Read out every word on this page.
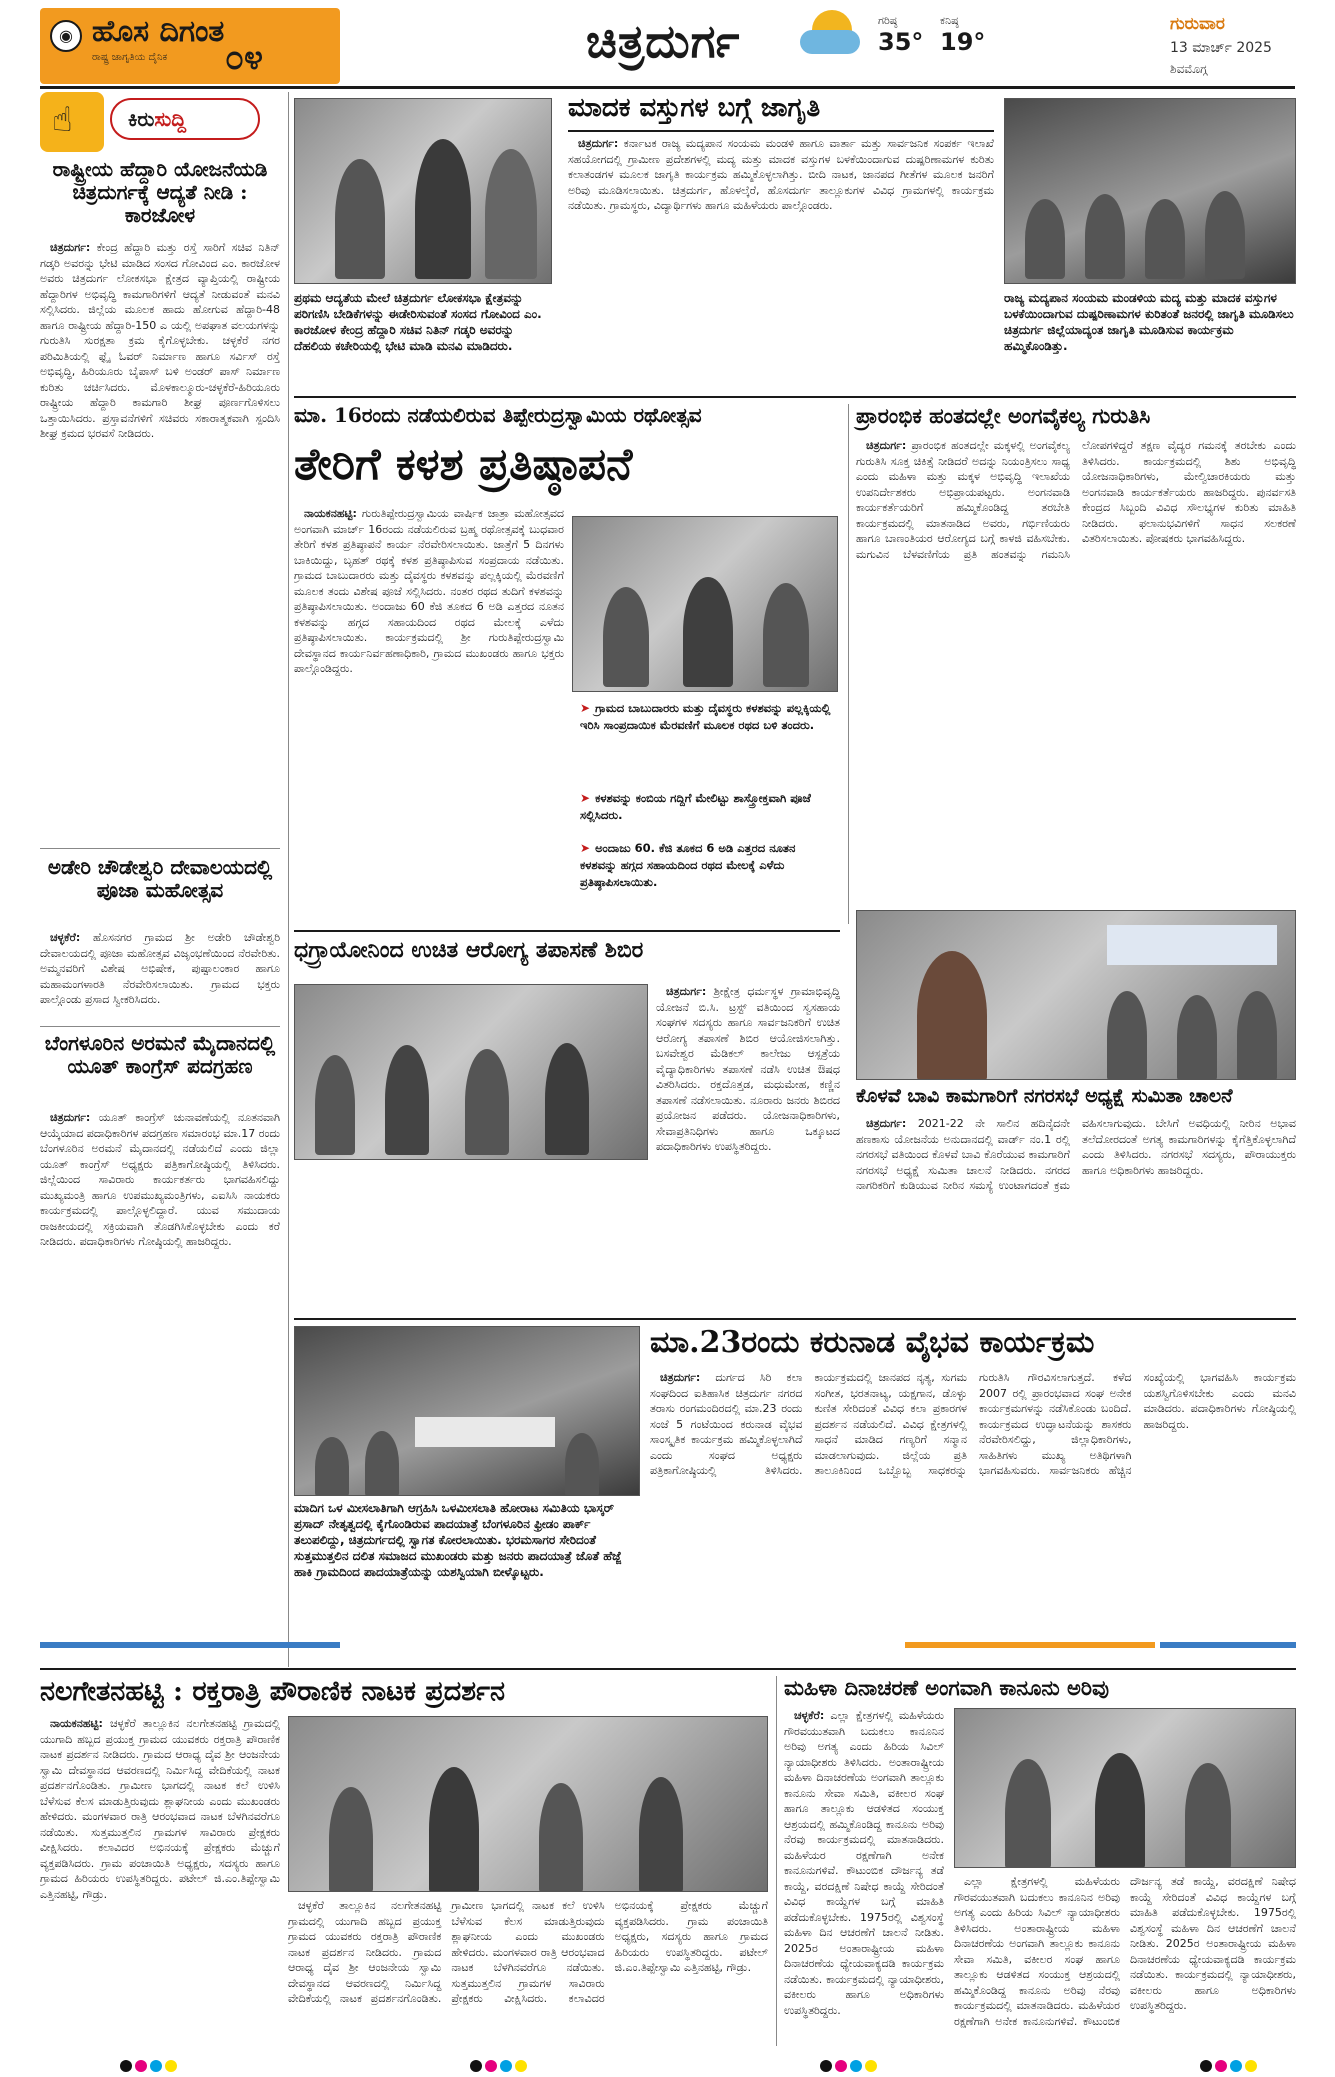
◉ ಹೊಸ ದಿಗಂತ
ರಾಷ್ಟ್ರ ಜಾಗೃತಿಯ ದೈನಿಕ ೦೪	ಚಿತ್ರದುರ್ಗ	ಗರಿಷ್ಠ
35°
ಕನಿಷ್ಠ
19°
ಗುರುವಾರ
13 ಮಾರ್ಚ್ 2025
ಶಿವಮೊಗ್ಗ
☝	ಕಿರುಸುದ್ದಿ
ರಾಷ್ಟ್ರೀಯ ಹೆದ್ದಾರಿ ಯೋಜನೆಯಡಿ ಚಿತ್ರದುರ್ಗಕ್ಕೆ ಆದ್ಯತೆ ನೀಡಿ : ಕಾರಜೋಳ

ಚಿತ್ರದುರ್ಗ: ಕೇಂದ್ರ ಹೆದ್ದಾರಿ ಮತ್ತು ರಸ್ತೆ ಸಾರಿಗೆ ಸಚಿವ ನಿತಿನ್ ಗಡ್ಕರಿ ಅವರನ್ನು ಭೇಟಿ ಮಾಡಿದ ಸಂಸದ ಗೋವಿಂದ ಎಂ. ಕಾರಜೋಳ ಅವರು ಚಿತ್ರದುರ್ಗ ಲೋಕಸಭಾ ಕ್ಷೇತ್ರದ ವ್ಯಾಪ್ತಿಯಲ್ಲಿ ರಾಷ್ಟ್ರೀಯ ಹೆದ್ದಾರಿಗಳ ಅಭಿವೃದ್ಧಿ ಕಾಮಗಾರಿಗಳಿಗೆ ಆದ್ಯತೆ ನೀಡುವಂತೆ ಮನವಿ ಸಲ್ಲಿಸಿದರು. ಜಿಲ್ಲೆಯ ಮೂಲಕ ಹಾದು ಹೋಗುವ ಹೆದ್ದಾರಿ-48 ಹಾಗೂ ರಾಷ್ಟ್ರೀಯ ಹೆದ್ದಾರಿ-150 ಎ ಯಲ್ಲಿ ಅಪಘಾತ ವಲಯಗಳನ್ನು ಗುರುತಿಸಿ ಸುರಕ್ಷತಾ ಕ್ರಮ ಕೈಗೊಳ್ಳಬೇಕು. ಚಳ್ಳಕೆರೆ ನಗರ ಪರಿಮಿತಿಯಲ್ಲಿ ಫ್ಲೈ ಓವರ್ ನಿರ್ಮಾಣ ಹಾಗೂ ಸರ್ವಿಸ್ ರಸ್ತೆ ಅಭಿವೃದ್ಧಿ, ಹಿರಿಯೂರು ಬೈಪಾಸ್ ಬಳಿ ಅಂಡರ್ ಪಾಸ್ ನಿರ್ಮಾಣ ಕುರಿತು ಚರ್ಚಿಸಿದರು. ಮೊಳಕಾಲ್ಮೂರು-ಚಳ್ಳಕೆರೆ-ಹಿರಿಯೂರು ರಾಷ್ಟ್ರೀಯ ಹೆದ್ದಾರಿ ಕಾಮಗಾರಿ ಶೀಘ್ರ ಪೂರ್ಣಗೊಳಿಸಲು ಒತ್ತಾಯಿಸಿದರು. ಪ್ರಸ್ತಾವನೆಗಳಿಗೆ ಸಚಿವರು ಸಕಾರಾತ್ಮಕವಾಗಿ ಸ್ಪಂದಿಸಿ ಶೀಘ್ರ ಕ್ರಮದ ಭರವಸೆ ನೀಡಿದರು.

ಅಡೇರಿ ಚೌಡೇಶ್ವರಿ ದೇವಾಲಯದಲ್ಲಿ ಪೂಜಾ ಮಹೋತ್ಸವ

ಚಳ್ಳಕೆರೆ: ಹೊಸನಗರ ಗ್ರಾಮದ ಶ್ರೀ ಅಡೇರಿ ಚೌಡೇಶ್ವರಿ ದೇವಾಲಯದಲ್ಲಿ ಪೂಜಾ ಮಹೋತ್ಸವ ವಿಜೃಂಭಣೆಯಿಂದ ನೆರವೇರಿತು. ಅಮ್ಮನವರಿಗೆ ವಿಶೇಷ ಅಭಿಷೇಕ, ಪುಷ್ಪಾಲಂಕಾರ ಹಾಗೂ ಮಹಾಮಂಗಳಾರತಿ ನೆರವೇರಿಸಲಾಯಿತು. ಗ್ರಾಮದ ಭಕ್ತರು ಪಾಲ್ಗೊಂಡು ಪ್ರಸಾದ ಸ್ವೀಕರಿಸಿದರು.

ಬೆಂಗಳೂರಿನ ಅರಮನೆ ಮೈದಾನದಲ್ಲಿ ಯೂತ್ ಕಾಂಗ್ರೆಸ್ ಪದಗ್ರಹಣ

ಚಿತ್ರದುರ್ಗ: ಯೂತ್ ಕಾಂಗ್ರೆಸ್ ಚುನಾವಣೆಯಲ್ಲಿ ನೂತನವಾಗಿ ಆಯ್ಕೆಯಾದ ಪದಾಧಿಕಾರಿಗಳ ಪದಗ್ರಹಣ ಸಮಾರಂಭ ಮಾ.17 ರಂದು ಬೆಂಗಳೂರಿನ ಅರಮನೆ ಮೈದಾನದಲ್ಲಿ ನಡೆಯಲಿದೆ ಎಂದು ಜಿಲ್ಲಾ ಯೂತ್ ಕಾಂಗ್ರೆಸ್ ಅಧ್ಯಕ್ಷರು ಪತ್ರಿಕಾಗೋಷ್ಠಿಯಲ್ಲಿ ತಿಳಿಸಿದರು. ಜಿಲ್ಲೆಯಿಂದ ಸಾವಿರಾರು ಕಾರ್ಯಕರ್ತರು ಭಾಗವಹಿಸಲಿದ್ದು ಮುಖ್ಯಮಂತ್ರಿ ಹಾಗೂ ಉಪಮುಖ್ಯಮಂತ್ರಿಗಳು, ಎಐಸಿಸಿ ನಾಯಕರು ಕಾರ್ಯಕ್ರಮದಲ್ಲಿ ಪಾಲ್ಗೊಳ್ಳಲಿದ್ದಾರೆ. ಯುವ ಸಮುದಾಯ ರಾಜಕೀಯದಲ್ಲಿ ಸಕ್ರಿಯವಾಗಿ ತೊಡಗಿಸಿಕೊಳ್ಳಬೇಕು ಎಂದು ಕರೆ ನೀಡಿದರು. ಪದಾಧಿಕಾರಿಗಳು ಗೋಷ್ಠಿಯಲ್ಲಿ ಹಾಜರಿದ್ದರು.

ಪ್ರಥಮ ಆದ್ಯತೆಯ ಮೇಲೆ ಚಿತ್ರದುರ್ಗ ಲೋಕಸಭಾ ಕ್ಷೇತ್ರವನ್ನು ಪರಿಗಣಿಸಿ ಬೇಡಿಕೆಗಳನ್ನು ಈಡೇರಿಸುವಂತೆ ಸಂಸದ ಗೋವಿಂದ ಎಂ. ಕಾರಜೋಳ ಕೇಂದ್ರ ಹೆದ್ದಾರಿ ಸಚಿವ ನಿತಿನ್ ಗಡ್ಕರಿ ಅವರನ್ನು ದೆಹಲಿಯ ಕಚೇರಿಯಲ್ಲಿ ಭೇಟಿ ಮಾಡಿ ಮನವಿ ಮಾಡಿದರು.
ಮಾದಕ ವಸ್ತುಗಳ ಬಗ್ಗೆ ಜಾಗೃತಿ

ಚಿತ್ರದುರ್ಗ: ಕರ್ನಾಟಕ ರಾಜ್ಯ ಮದ್ಯಪಾನ ಸಂಯಮ ಮಂಡಳಿ ಹಾಗೂ ವಾರ್ತಾ ಮತ್ತು ಸಾರ್ವಜನಿಕ ಸಂಪರ್ಕ ಇಲಾಖೆ ಸಹಯೋಗದಲ್ಲಿ ಗ್ರಾಮೀಣ ಪ್ರದೇಶಗಳಲ್ಲಿ ಮದ್ಯ ಮತ್ತು ಮಾದಕ ವಸ್ತುಗಳ ಬಳಕೆಯಿಂದಾಗುವ ದುಷ್ಪರಿಣಾಮಗಳ ಕುರಿತು ಕಲಾತಂಡಗಳ ಮೂಲಕ ಜಾಗೃತಿ ಕಾರ್ಯಕ್ರಮ ಹಮ್ಮಿಕೊಳ್ಳಲಾಗಿತ್ತು. ಬೀದಿ ನಾಟಕ, ಜಾನಪದ ಗೀತೆಗಳ ಮೂಲಕ ಜನರಿಗೆ ಅರಿವು ಮೂಡಿಸಲಾಯಿತು. ಚಿತ್ರದುರ್ಗ, ಹೊಳಲ್ಕೆರೆ, ಹೊಸದುರ್ಗ ತಾಲ್ಲೂಕುಗಳ ವಿವಿಧ ಗ್ರಾಮಗಳಲ್ಲಿ ಕಾರ್ಯಕ್ರಮ ನಡೆಯಿತು. ಗ್ರಾಮಸ್ಥರು, ವಿದ್ಯಾರ್ಥಿಗಳು ಹಾಗೂ ಮಹಿಳೆಯರು ಪಾಲ್ಗೊಂಡರು.

ರಾಜ್ಯ ಮದ್ಯಪಾನ ಸಂಯಮ ಮಂಡಳಿಯ ಮದ್ಯ ಮತ್ತು ಮಾದಕ ವಸ್ತುಗಳ ಬಳಕೆಯಿಂದಾಗುವ ದುಷ್ಪರಿಣಾಮಗಳ ಕುರಿತಂತೆ ಜನರಲ್ಲಿ ಜಾಗೃತಿ ಮೂಡಿಸಲು ಚಿತ್ರದುರ್ಗ ಜಿಲ್ಲೆಯಾದ್ಯಂತ ಜಾಗೃತಿ ಮೂಡಿಸುವ ಕಾರ್ಯಕ್ರಮ ಹಮ್ಮಿಕೊಂಡಿತ್ತು.
ಮಾ. 16ರಂದು ನಡೆಯಲಿರುವ ತಿಪ್ಪೇರುದ್ರಸ್ವಾಮಿಯ ರಥೋತ್ಸವ
ತೇರಿಗೆ ಕಳಶ ಪ್ರತಿಷ್ಠಾಪನೆ

ನಾಯಕನಹಟ್ಟಿ: ಗುರುತಿಪ್ಪೇರುದ್ರಸ್ವಾಮಿಯ ವಾರ್ಷಿಕ ಜಾತ್ರಾ ಮಹೋತ್ಸವದ ಅಂಗವಾಗಿ ಮಾರ್ಚ್ 16ರಂದು ನಡೆಯಲಿರುವ ಬ್ರಹ್ಮ ರಥೋತ್ಸವಕ್ಕೆ ಬುಧವಾರ ತೇರಿಗೆ ಕಳಶ ಪ್ರತಿಷ್ಠಾಪನೆ ಕಾರ್ಯ ನೆರವೇರಿಸಲಾಯಿತು. ಜಾತ್ರೆಗೆ 5 ದಿನಗಳು ಬಾಕಿಯಿದ್ದು, ಬೃಹತ್ ರಥಕ್ಕೆ ಕಳಶ ಪ್ರತಿಷ್ಠಾಪಿಸುವ ಸಂಪ್ರದಾಯ ನಡೆಯಿತು. ಗ್ರಾಮದ ಬಾಬುದಾರರು ಮತ್ತು ದೈವಸ್ಥರು ಕಳಶವನ್ನು ಪಲ್ಲಕ್ಕಿಯಲ್ಲಿ ಮೆರವಣಿಗೆ ಮೂಲಕ ತಂದು ವಿಶೇಷ ಪೂಜೆ ಸಲ್ಲಿಸಿದರು. ನಂತರ ರಥದ ತುದಿಗೆ ಕಳಶವನ್ನು ಪ್ರತಿಷ್ಠಾಪಿಸಲಾಯಿತು. ಅಂದಾಜು 60 ಕೆಜಿ ತೂಕದ 6 ಅಡಿ ಎತ್ತರದ ನೂತನ ಕಳಶವನ್ನು ಹಗ್ಗದ ಸಹಾಯದಿಂದ ರಥದ ಮೇಲಕ್ಕೆ ಎಳೆದು ಪ್ರತಿಷ್ಠಾಪಿಸಲಾಯಿತು. ಕಾರ್ಯಕ್ರಮದಲ್ಲಿ ಶ್ರೀ ಗುರುತಿಪ್ಪೇರುದ್ರಸ್ವಾಮಿ ದೇವಸ್ಥಾನದ ಕಾರ್ಯನಿರ್ವಹಣಾಧಿಕಾರಿ, ಗ್ರಾಮದ ಮುಖಂಡರು ಹಾಗೂ ಭಕ್ತರು ಪಾಲ್ಗೊಂಡಿದ್ದರು.

➤ ಗ್ರಾಮದ ಬಾಬುದಾರರು ಮತ್ತು ದೈವಸ್ಥರು ಕಳಶವನ್ನು ಪಲ್ಲಕ್ಕಿಯಲ್ಲಿ ಇರಿಸಿ ಸಾಂಪ್ರದಾಯಿಕ ಮೆರವಣಿಗೆ ಮೂಲಕ ರಥದ ಬಳಿ ತಂದರು.
➤ ಕಳಶವನ್ನು ಕಂಬಿಯ ಗದ್ದಿಗೆ ಮೇಲಿಟ್ಟು ಶಾಸ್ತ್ರೋಕ್ತವಾಗಿ ಪೂಜೆ ಸಲ್ಲಿಸಿದರು.
➤ ಅಂದಾಜು 60. ಕೆಜಿ ತೂಕದ 6 ಅಡಿ ಎತ್ತರದ ನೂತನ ಕಳಶವನ್ನು ಹಗ್ಗದ ಸಹಾಯದಿಂದ ರಥದ ಮೇಲಕ್ಕೆ ಎಳೆದು ಪ್ರತಿಷ್ಠಾಪಿಸಲಾಯಿತು.
ಪ್ರಾರಂಭಿಕ ಹಂತದಲ್ಲೇ ಅಂಗವೈಕಲ್ಯ ಗುರುತಿಸಿ

ಚಿತ್ರದುರ್ಗ: ಪ್ರಾರಂಭಿಕ ಹಂತದಲ್ಲೇ ಮಕ್ಕಳಲ್ಲಿ ಅಂಗವೈಕಲ್ಯ ಗುರುತಿಸಿ ಸೂಕ್ತ ಚಿಕಿತ್ಸೆ ನೀಡಿದರೆ ಅದನ್ನು ನಿಯಂತ್ರಿಸಲು ಸಾಧ್ಯ ಎಂದು ಮಹಿಳಾ ಮತ್ತು ಮಕ್ಕಳ ಅಭಿವೃದ್ಧಿ ಇಲಾಖೆಯ ಉಪನಿರ್ದೇಶಕರು ಅಭಿಪ್ರಾಯಪಟ್ಟರು. ಅಂಗನವಾಡಿ ಕಾರ್ಯಕರ್ತೆಯರಿಗೆ ಹಮ್ಮಿಕೊಂಡಿದ್ದ ತರಬೇತಿ ಕಾರ್ಯಕ್ರಮದಲ್ಲಿ ಮಾತನಾಡಿದ ಅವರು, ಗರ್ಭಿಣಿಯರು ಹಾಗೂ ಬಾಣಂತಿಯರ ಆರೋಗ್ಯದ ಬಗ್ಗೆ ಕಾಳಜಿ ವಹಿಸಬೇಕು. ಮಗುವಿನ ಬೆಳವಣಿಗೆಯ ಪ್ರತಿ ಹಂತವನ್ನು ಗಮನಿಸಿ ಲೋಪಗಳಿದ್ದರೆ ತಕ್ಷಣ ವೈದ್ಯರ ಗಮನಕ್ಕೆ ತರಬೇಕು ಎಂದು ತಿಳಿಸಿದರು. ಕಾರ್ಯಕ್ರಮದಲ್ಲಿ ಶಿಶು ಅಭಿವೃದ್ಧಿ ಯೋಜನಾಧಿಕಾರಿಗಳು, ಮೇಲ್ವಿಚಾರಕಿಯರು ಮತ್ತು ಅಂಗನವಾಡಿ ಕಾರ್ಯಕರ್ತೆಯರು ಹಾಜರಿದ್ದರು. ಪುನರ್ವಸತಿ ಕೇಂದ್ರದ ಸಿಬ್ಬಂದಿ ವಿವಿಧ ಸೌಲಭ್ಯಗಳ ಕುರಿತು ಮಾಹಿತಿ ನೀಡಿದರು. ಫಲಾನುಭವಿಗಳಿಗೆ ಸಾಧನ ಸಲಕರಣೆ ವಿತರಿಸಲಾಯಿತು. ಪೋಷಕರು ಭಾಗವಹಿಸಿದ್ದರು.

ಧಗ್ರ್ರಾಯೋನಿಂದ ಉಚಿತ ಆರೋಗ್ಯ ತಪಾಸಣೆ ಶಿಬಿರ

ಚಿತ್ರದುರ್ಗ: ಶ್ರೀಕ್ಷೇತ್ರ ಧರ್ಮಸ್ಥಳ ಗ್ರಾಮಾಭಿವೃದ್ಧಿ ಯೋಜನೆ ಬಿ.ಸಿ. ಟ್ರಸ್ಟ್ ವತಿಯಿಂದ ಸ್ವಸಹಾಯ ಸಂಘಗಳ ಸದಸ್ಯರು ಹಾಗೂ ಸಾರ್ವಜನಿಕರಿಗೆ ಉಚಿತ ಆರೋಗ್ಯ ತಪಾಸಣೆ ಶಿಬಿರ ಆಯೋಜಿಸಲಾಗಿತ್ತು. ಬಸವೇಶ್ವರ ಮೆಡಿಕಲ್ ಕಾಲೇಜು ಆಸ್ಪತ್ರೆಯ ವೈದ್ಯಾಧಿಕಾರಿಗಳು ತಪಾಸಣೆ ನಡೆಸಿ ಉಚಿತ ಔಷಧ ವಿತರಿಸಿದರು. ರಕ್ತದೊತ್ತಡ, ಮಧುಮೇಹ, ಕಣ್ಣಿನ ತಪಾಸಣೆ ನಡೆಸಲಾಯಿತು. ನೂರಾರು ಜನರು ಶಿಬಿರದ ಪ್ರಯೋಜನ ಪಡೆದರು. ಯೋಜನಾಧಿಕಾರಿಗಳು, ಸೇವಾಪ್ರತಿನಿಧಿಗಳು ಹಾಗೂ ಒಕ್ಕೂಟದ ಪದಾಧಿಕಾರಿಗಳು ಉಪಸ್ಥಿತರಿದ್ದರು.

ಕೊಳವೆ ಬಾವಿ ಕಾಮಗಾರಿಗೆ ನಗರಸಭೆ ಅಧ್ಯಕ್ಷೆ ಸುಮಿತಾ ಚಾಲನೆ

ಚಿತ್ರದುರ್ಗ: 2021-22 ನೇ ಸಾಲಿನ ಹದಿನೈದನೇ ಹಣಕಾಸು ಯೋಜನೆಯ ಅನುದಾನದಲ್ಲಿ ವಾರ್ಡ್ ನಂ.1 ರಲ್ಲಿ ನಗರಸಭೆ ವತಿಯಿಂದ ಕೊಳವೆ ಬಾವಿ ಕೊರೆಯುವ ಕಾಮಗಾರಿಗೆ ನಗರಸಭೆ ಅಧ್ಯಕ್ಷೆ ಸುಮಿತಾ ಚಾಲನೆ ನೀಡಿದರು. ನಗರದ ನಾಗರಿಕರಿಗೆ ಕುಡಿಯುವ ನೀರಿನ ಸಮಸ್ಯೆ ಉಂಟಾಗದಂತೆ ಕ್ರಮ ವಹಿಸಲಾಗುವುದು. ಬೇಸಿಗೆ ಅವಧಿಯಲ್ಲಿ ನೀರಿನ ಅಭಾವ ತಲೆದೋರದಂತೆ ಅಗತ್ಯ ಕಾಮಗಾರಿಗಳನ್ನು ಕೈಗೆತ್ತಿಕೊಳ್ಳಲಾಗಿದೆ ಎಂದು ತಿಳಿಸಿದರು. ನಗರಸಭೆ ಸದಸ್ಯರು, ಪೌರಾಯುಕ್ತರು ಹಾಗೂ ಅಧಿಕಾರಿಗಳು ಹಾಜರಿದ್ದರು.

ಮಾದಿಗ ಒಳ ಮೀಸಲಾತಿಗಾಗಿ ಆಗ್ರಹಿಸಿ ಒಳಮೀಸಲಾತಿ ಹೋರಾಟ ಸಮಿತಿಯ ಭಾಸ್ಕರ್ ಪ್ರಸಾದ್ ನೇತೃತ್ವದಲ್ಲಿ ಕೈಗೊಂಡಿರುವ ಪಾದಯಾತ್ರೆ ಬೆಂಗಳೂರಿನ ಫ್ರೀಡಂ ಪಾರ್ಕ್ ತಲುಪಲಿದ್ದು, ಚಿತ್ರದುರ್ಗದಲ್ಲಿ ಸ್ವಾಗತ ಕೋರಲಾಯಿತು. ಭರಮಸಾಗರ ಸೇರಿದಂತೆ ಸುತ್ತಮುತ್ತಲಿನ ದಲಿತ ಸಮಾಜದ ಮುಖಂಡರು ಮತ್ತು ಜನರು ಪಾದಯಾತ್ರೆ ಜೊತೆ ಹೆಜ್ಜೆ ಹಾಕಿ ಗ್ರಾಮದಿಂದ ಪಾದಯಾತ್ರೆಯನ್ನು ಯಶಸ್ವಿಯಾಗಿ ಬೀಳ್ಕೊಟ್ಟರು.
ಮಾ.23ರಂದು ಕರುನಾಡ ವೈಭವ ಕಾರ್ಯಕ್ರಮ

ಚಿತ್ರದುರ್ಗ: ದುರ್ಗದ ಸಿರಿ ಕಲಾ ಸಂಘದಿಂದ ಐತಿಹಾಸಿಕ ಚಿತ್ರದುರ್ಗ ನಗರದ ತರಾಸು ರಂಗಮಂದಿರದಲ್ಲಿ ಮಾ.23 ರಂದು ಸಂಜೆ 5 ಗಂಟೆಯಿಂದ ಕರುನಾಡ ವೈಭವ ಸಾಂಸ್ಕೃತಿಕ ಕಾರ್ಯಕ್ರಮ ಹಮ್ಮಿಕೊಳ್ಳಲಾಗಿದೆ ಎಂದು ಸಂಘದ ಅಧ್ಯಕ್ಷರು ಪತ್ರಿಕಾಗೋಷ್ಠಿಯಲ್ಲಿ ತಿಳಿಸಿದರು. ಕಾರ್ಯಕ್ರಮದಲ್ಲಿ ಜಾನಪದ ನೃತ್ಯ, ಸುಗಮ ಸಂಗೀತ, ಭರತನಾಟ್ಯ, ಯಕ್ಷಗಾನ, ಡೊಳ್ಳು ಕುಣಿತ ಸೇರಿದಂತೆ ವಿವಿಧ ಕಲಾ ಪ್ರಕಾರಗಳ ಪ್ರದರ್ಶನ ನಡೆಯಲಿದೆ. ವಿವಿಧ ಕ್ಷೇತ್ರಗಳಲ್ಲಿ ಸಾಧನೆ ಮಾಡಿದ ಗಣ್ಯರಿಗೆ ಸನ್ಮಾನ ಮಾಡಲಾಗುವುದು. ಜಿಲ್ಲೆಯ ಪ್ರತಿ ತಾಲೂಕಿನಿಂದ ಒಬ್ಬೊಬ್ಬ ಸಾಧಕರನ್ನು ಗುರುತಿಸಿ ಗೌರವಿಸಲಾಗುತ್ತದೆ. ಕಳೆದ 2007 ರಲ್ಲಿ ಪ್ರಾರಂಭವಾದ ಸಂಘ ಅನೇಕ ಕಾರ್ಯಕ್ರಮಗಳನ್ನು ನಡೆಸಿಕೊಂಡು ಬಂದಿದೆ. ಕಾರ್ಯಕ್ರಮದ ಉದ್ಘಾಟನೆಯನ್ನು ಶಾಸಕರು ನೆರವೇರಿಸಲಿದ್ದು, ಜಿಲ್ಲಾಧಿಕಾರಿಗಳು, ಸಾಹಿತಿಗಳು ಮುಖ್ಯ ಅತಿಥಿಗಳಾಗಿ ಭಾಗವಹಿಸುವರು. ಸಾರ್ವಜನಿಕರು ಹೆಚ್ಚಿನ ಸಂಖ್ಯೆಯಲ್ಲಿ ಭಾಗವಹಿಸಿ ಕಾರ್ಯಕ್ರಮ ಯಶಸ್ವಿಗೊಳಿಸಬೇಕು ಎಂದು ಮನವಿ ಮಾಡಿದರು. ಪದಾಧಿಕಾರಿಗಳು ಗೋಷ್ಠಿಯಲ್ಲಿ ಹಾಜರಿದ್ದರು.

ನಲಗೇತನಹಟ್ಟಿ : ರಕ್ತರಾತ್ರಿ ಪೌರಾಣಿಕ ನಾಟಕ ಪ್ರದರ್ಶನ

ನಾಯಕನಹಟ್ಟಿ: ಚಳ್ಳಕೆರೆ ತಾಲ್ಲೂಕಿನ ನಲಗೇತನಹಟ್ಟಿ ಗ್ರಾಮದಲ್ಲಿ ಯುಗಾದಿ ಹಬ್ಬದ ಪ್ರಯುಕ್ತ ಗ್ರಾಮದ ಯುವಕರು ರಕ್ತರಾತ್ರಿ ಪೌರಾಣಿಕ ನಾಟಕ ಪ್ರದರ್ಶನ ನೀಡಿದರು. ಗ್ರಾಮದ ಆರಾಧ್ಯ ದೈವ ಶ್ರೀ ಆಂಜನೇಯ ಸ್ವಾಮಿ ದೇವಸ್ಥಾನದ ಆವರಣದಲ್ಲಿ ನಿರ್ಮಿಸಿದ್ದ ವೇದಿಕೆಯಲ್ಲಿ ನಾಟಕ ಪ್ರದರ್ಶನಗೊಂಡಿತು. ಗ್ರಾಮೀಣ ಭಾಗದಲ್ಲಿ ನಾಟಕ ಕಲೆ ಉಳಿಸಿ ಬೆಳೆಸುವ ಕೆಲಸ ಮಾಡುತ್ತಿರುವುದು ಶ್ಲಾಘನೀಯ ಎಂದು ಮುಖಂಡರು ಹೇಳಿದರು. ಮಂಗಳವಾರ ರಾತ್ರಿ ಆರಂಭವಾದ ನಾಟಕ ಬೆಳಗಿನವರೆಗೂ ನಡೆಯಿತು. ಸುತ್ತಮುತ್ತಲಿನ ಗ್ರಾಮಗಳ ಸಾವಿರಾರು ಪ್ರೇಕ್ಷಕರು ವೀಕ್ಷಿಸಿದರು. ಕಲಾವಿದರ ಅಭಿನಯಕ್ಕೆ ಪ್ರೇಕ್ಷಕರು ಮೆಚ್ಚುಗೆ ವ್ಯಕ್ತಪಡಿಸಿದರು. ಗ್ರಾಮ ಪಂಚಾಯಿತಿ ಅಧ್ಯಕ್ಷರು, ಸದಸ್ಯರು ಹಾಗೂ ಗ್ರಾಮದ ಹಿರಿಯರು ಉಪಸ್ಥಿತರಿದ್ದರು. ಪಟೇಲ್ ಜಿ.ಎಂ.ತಿಪ್ಪೇಸ್ವಾಮಿ ಎತ್ತಿನಹಟ್ಟಿ, ಗೌಡ್ರು.

ಚಳ್ಳಕೆರೆ ತಾಲ್ಲೂಕಿನ ನಲಗೇತನಹಟ್ಟಿ ಗ್ರಾಮದಲ್ಲಿ ಯುಗಾದಿ ಹಬ್ಬದ ಪ್ರಯುಕ್ತ ಗ್ರಾಮದ ಯುವಕರು ರಕ್ತರಾತ್ರಿ ಪೌರಾಣಿಕ ನಾಟಕ ಪ್ರದರ್ಶನ ನೀಡಿದರು. ಗ್ರಾಮದ ಆರಾಧ್ಯ ದೈವ ಶ್ರೀ ಆಂಜನೇಯ ಸ್ವಾಮಿ ದೇವಸ್ಥಾನದ ಆವರಣದಲ್ಲಿ ನಿರ್ಮಿಸಿದ್ದ ವೇದಿಕೆಯಲ್ಲಿ ನಾಟಕ ಪ್ರದರ್ಶನಗೊಂಡಿತು. ಗ್ರಾಮೀಣ ಭಾಗದಲ್ಲಿ ನಾಟಕ ಕಲೆ ಉಳಿಸಿ ಬೆಳೆಸುವ ಕೆಲಸ ಮಾಡುತ್ತಿರುವುದು ಶ್ಲಾಘನೀಯ ಎಂದು ಮುಖಂಡರು ಹೇಳಿದರು. ಮಂಗಳವಾರ ರಾತ್ರಿ ಆರಂಭವಾದ ನಾಟಕ ಬೆಳಗಿನವರೆಗೂ ನಡೆಯಿತು. ಸುತ್ತಮುತ್ತಲಿನ ಗ್ರಾಮಗಳ ಸಾವಿರಾರು ಪ್ರೇಕ್ಷಕರು ವೀಕ್ಷಿಸಿದರು. ಕಲಾವಿದರ ಅಭಿನಯಕ್ಕೆ ಪ್ರೇಕ್ಷಕರು ಮೆಚ್ಚುಗೆ ವ್ಯಕ್ತಪಡಿಸಿದರು. ಗ್ರಾಮ ಪಂಚಾಯಿತಿ ಅಧ್ಯಕ್ಷರು, ಸದಸ್ಯರು ಹಾಗೂ ಗ್ರಾಮದ ಹಿರಿಯರು ಉಪಸ್ಥಿತರಿದ್ದರು. ಪಟೇಲ್ ಜಿ.ಎಂ.ತಿಪ್ಪೇಸ್ವಾಮಿ ಎತ್ತಿನಹಟ್ಟಿ, ಗೌಡ್ರು.

ಮಹಿಳಾ ದಿನಾಚರಣೆ ಅಂಗವಾಗಿ ಕಾನೂನು ಅರಿವು

ಚಳ್ಳಕೆರೆ: ಎಲ್ಲಾ ಕ್ಷೇತ್ರಗಳಲ್ಲಿ ಮಹಿಳೆಯರು ಗೌರವಯುತವಾಗಿ ಬದುಕಲು ಕಾನೂನಿನ ಅರಿವು ಅಗತ್ಯ ಎಂದು ಹಿರಿಯ ಸಿವಿಲ್ ನ್ಯಾಯಾಧೀಶರು ತಿಳಿಸಿದರು. ಅಂತಾರಾಷ್ಟ್ರೀಯ ಮಹಿಳಾ ದಿನಾಚರಣೆಯ ಅಂಗವಾಗಿ ತಾಲ್ಲೂಕು ಕಾನೂನು ಸೇವಾ ಸಮಿತಿ, ವಕೀಲರ ಸಂಘ ಹಾಗೂ ತಾಲ್ಲೂಕು ಆಡಳಿತದ ಸಂಯುಕ್ತ ಆಶ್ರಯದಲ್ಲಿ ಹಮ್ಮಿಕೊಂಡಿದ್ದ ಕಾನೂನು ಅರಿವು ನೆರವು ಕಾರ್ಯಕ್ರಮದಲ್ಲಿ ಮಾತನಾಡಿದರು. ಮಹಿಳೆಯರ ರಕ್ಷಣೆಗಾಗಿ ಅನೇಕ ಕಾನೂನುಗಳಿವೆ. ಕೌಟುಂಬಿಕ ದೌರ್ಜನ್ಯ ತಡೆ ಕಾಯ್ದೆ, ವರದಕ್ಷಿಣೆ ನಿಷೇಧ ಕಾಯ್ದೆ ಸೇರಿದಂತೆ ವಿವಿಧ ಕಾಯ್ದೆಗಳ ಬಗ್ಗೆ ಮಾಹಿತಿ ಪಡೆದುಕೊಳ್ಳಬೇಕು. 1975ರಲ್ಲಿ ವಿಶ್ವಸಂಸ್ಥೆ ಮಹಿಳಾ ದಿನ ಆಚರಣೆಗೆ ಚಾಲನೆ ನೀಡಿತು. 2025ರ ಅಂತಾರಾಷ್ಟ್ರೀಯ ಮಹಿಳಾ ದಿನಾಚರಣೆಯ ಧ್ಯೇಯವಾಕ್ಯದಡಿ ಕಾರ್ಯಕ್ರಮ ನಡೆಯಿತು. ಕಾರ್ಯಕ್ರಮದಲ್ಲಿ ನ್ಯಾಯಾಧೀಶರು, ವಕೀಲರು ಹಾಗೂ ಅಧಿಕಾರಿಗಳು ಉಪಸ್ಥಿತರಿದ್ದರು.

ಎಲ್ಲಾ ಕ್ಷೇತ್ರಗಳಲ್ಲಿ ಮಹಿಳೆಯರು ಗೌರವಯುತವಾಗಿ ಬದುಕಲು ಕಾನೂನಿನ ಅರಿವು ಅಗತ್ಯ ಎಂದು ಹಿರಿಯ ಸಿವಿಲ್ ನ್ಯಾಯಾಧೀಶರು ತಿಳಿಸಿದರು. ಅಂತಾರಾಷ್ಟ್ರೀಯ ಮಹಿಳಾ ದಿನಾಚರಣೆಯ ಅಂಗವಾಗಿ ತಾಲ್ಲೂಕು ಕಾನೂನು ಸೇವಾ ಸಮಿತಿ, ವಕೀಲರ ಸಂಘ ಹಾಗೂ ತಾಲ್ಲೂಕು ಆಡಳಿತದ ಸಂಯುಕ್ತ ಆಶ್ರಯದಲ್ಲಿ ಹಮ್ಮಿಕೊಂಡಿದ್ದ ಕಾನೂನು ಅರಿವು ನೆರವು ಕಾರ್ಯಕ್ರಮದಲ್ಲಿ ಮಾತನಾಡಿದರು. ಮಹಿಳೆಯರ ರಕ್ಷಣೆಗಾಗಿ ಅನೇಕ ಕಾನೂನುಗಳಿವೆ. ಕೌಟುಂಬಿಕ ದೌರ್ಜನ್ಯ ತಡೆ ಕಾಯ್ದೆ, ವರದಕ್ಷಿಣೆ ನಿಷೇಧ ಕಾಯ್ದೆ ಸೇರಿದಂತೆ ವಿವಿಧ ಕಾಯ್ದೆಗಳ ಬಗ್ಗೆ ಮಾಹಿತಿ ಪಡೆದುಕೊಳ್ಳಬೇಕು. 1975ರಲ್ಲಿ ವಿಶ್ವಸಂಸ್ಥೆ ಮಹಿಳಾ ದಿನ ಆಚರಣೆಗೆ ಚಾಲನೆ ನೀಡಿತು. 2025ರ ಅಂತಾರಾಷ್ಟ್ರೀಯ ಮಹಿಳಾ ದಿನಾಚರಣೆಯ ಧ್ಯೇಯವಾಕ್ಯದಡಿ ಕಾರ್ಯಕ್ರಮ ನಡೆಯಿತು. ಕಾರ್ಯಕ್ರಮದಲ್ಲಿ ನ್ಯಾಯಾಧೀಶರು, ವಕೀಲರು ಹಾಗೂ ಅಧಿಕಾರಿಗಳು ಉಪಸ್ಥಿತರಿದ್ದರು.
